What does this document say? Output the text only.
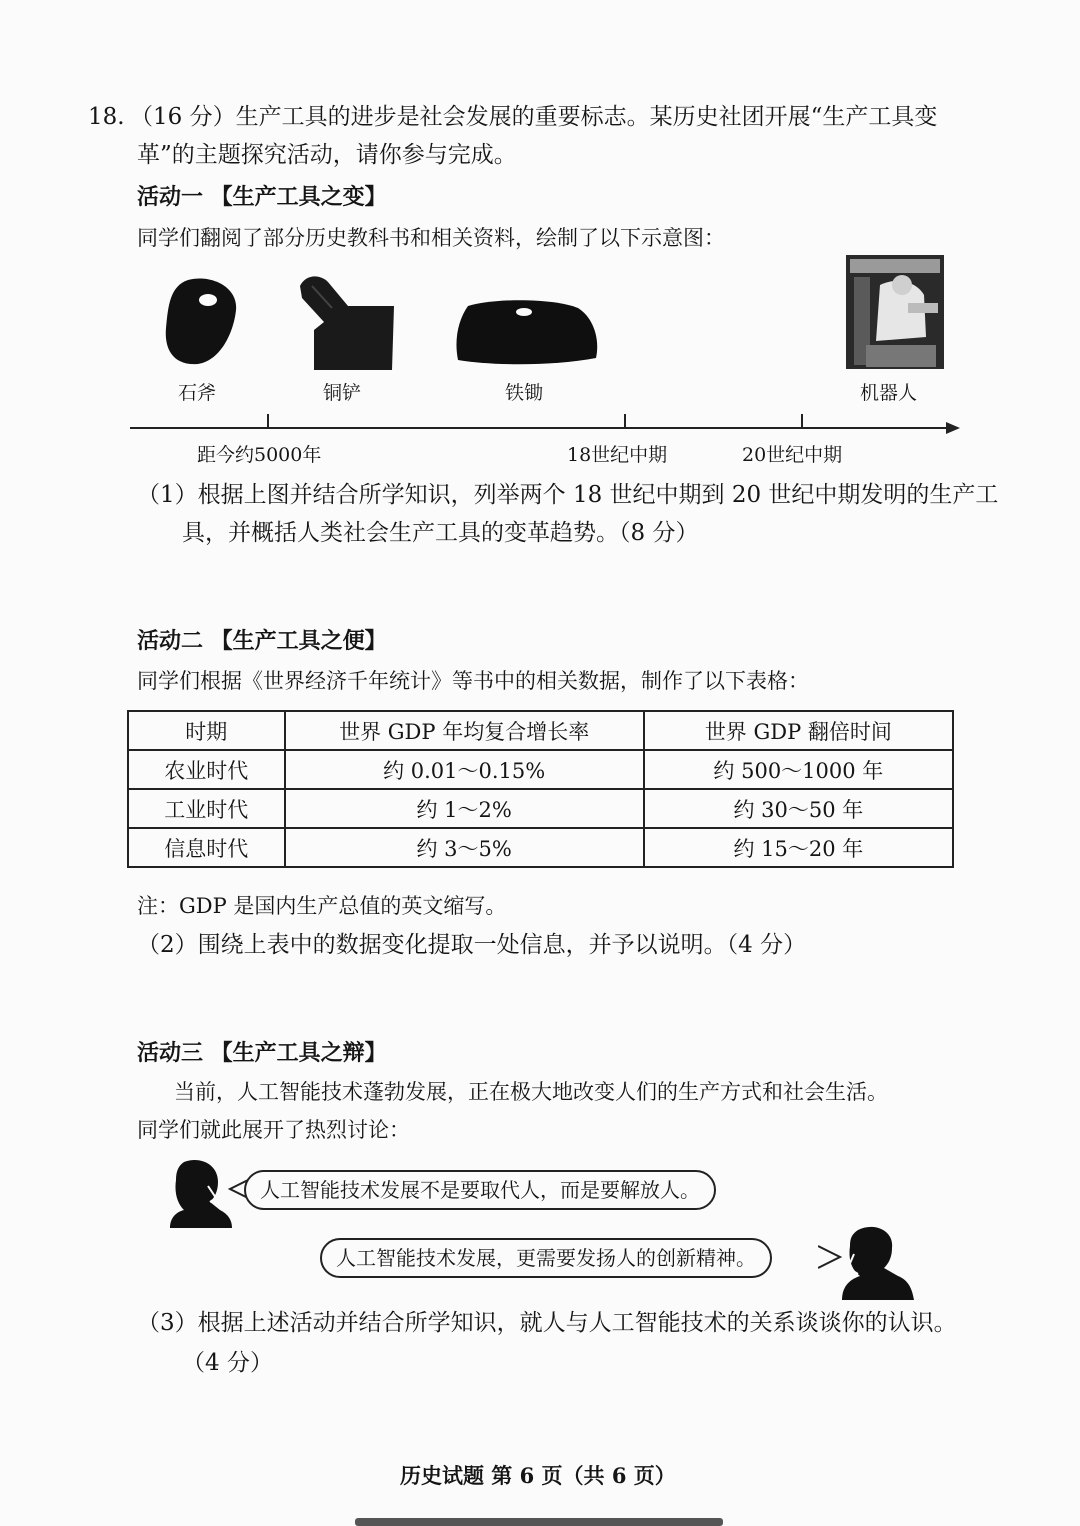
18. （16 分）生产工具的进步是社会发展的重要标志。某历史社团开展“生产工具变
革”的主题探究活动，请你参与完成。
活动一 【生产工具之变】
同学们翻阅了部分历史教科书和相关资料，绘制了以下示意图：
石斧	铜铲	铁锄	机器人
距今约5000年	18世纪中期	20世纪中期
（1）根据上图并结合所学知识，列举两个 18 世纪中期到 20 世纪中期发明的生产工
具，并概括人类社会生产工具的变革趋势。（8 分）
活动二 【生产工具之便】
同学们根据《世界经济千年统计》等书中的相关数据，制作了以下表格：
时期	世界 GDP 年均复合增长率	世界 GDP 翻倍时间
农业时代	约 0.01～0.15%	约 500～1000 年
工业时代	约 1～2%	约 30～50 年
信息时代	约 3～5%	约 15～20 年
注：GDP 是国内生产总值的英文缩写。
（2）围绕上表中的数据变化提取一处信息，并予以说明。（4 分）
活动三 【生产工具之辩】
当前，人工智能技术蓬勃发展，正在极大地改变人们的生产方式和社会生活。
同学们就此展开了热烈讨论：
人工智能技术发展不是要取代人，而是要解放人。
人工智能技术发展，更需要发扬人的创新精神。
（3）根据上述活动并结合所学知识，就人与人工智能技术的关系谈谈你的认识。
（4 分）
历史试题 第 6 页（共 6 页）
